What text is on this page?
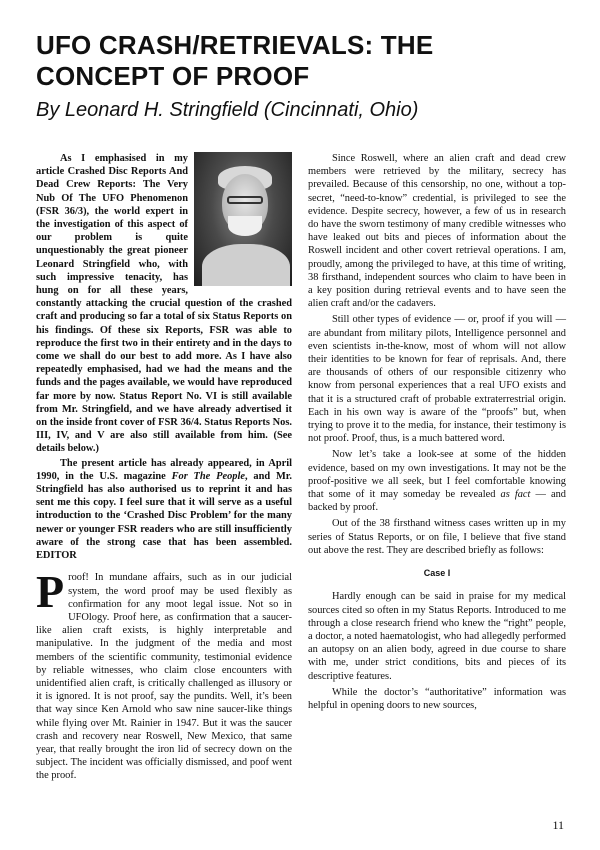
UFO CRASH/RETRIEVALS: THE
CONCEPT OF PROOF
By Leonard H. Stringfield (Cincinnati, Ohio)

As I emphasised in my article Crashed Disc Reports And Dead Crew Reports: The Very Nub Of The UFO Phenomenon (FSR 36/3), the world expert in the investigation of this aspect of our problem is quite unquestionably the great pioneer Leonard Stringfield who, with such impressive tenacity, has hung on for all these years, constantly attacking the crucial question of the crashed craft and producing so far a total of six Status Reports on his findings. Of these six Reports, FSR was able to reproduce the first two in their entirety and in the days to come we shall do our best to add more. As I have also repeatedly emphasised, had we had the means and the funds and the pages available, we would have reproduced far more by now. Status Report No. VI is still available from Mr. Stringfield, and we have already advertised it on the inside front cover of FSR 36/4. Status Reports Nos. III, IV, and V are also still available from him. (See details below.)

The present article has already appeared, in April 1990, in the U.S. magazine For The People, and Mr. Stringfield has also authorised us to reprint it and has sent me this copy. I feel sure that it will serve as a useful introduction to the ‘Crashed Disc Problem’ for the many newer or younger FSR readers who are still insufficiently aware of the strong case that has been assembled. EDITOR

Proof! In mundane affairs, such as in our judicial system, the word proof may be used flexibly as confirmation for any moot legal issue. Not so in UFOlogy. Proof here, as confirmation that a saucer-like alien craft exists, is highly interpretable and manipulative. In the judgment of the media and most members of the scientific community, testimonial evidence by reliable witnesses, who claim close encounters with unidentified alien craft, is critically challenged as illusory or it is ignored. It is not proof, say the pundits. Well, it’s been that way since Ken Arnold who saw nine saucer-like things while flying over Mt. Rainier in 1947. But it was the saucer crash and recovery near Roswell, New Mexico, that same year, that really brought the iron lid of secrecy down on the subject. The incident was officially dismissed, and poof went the proof.

Since Roswell, where an alien craft and dead crew members were retrieved by the military, secrecy has prevailed. Because of this censorship, no one, without a top-secret, “need-to-know” credential, is privileged to see the evidence. Despite secrecy, however, a few of us in research do have the sworn testimony of many credible witnesses who have leaked out bits and pieces of information about the Roswell incident and other covert retrieval operations. I am, proudly, among the privileged to have, at this time of writing, 38 firsthand, independent sources who claim to have been in a key position during retrieval events and to have seen the alien craft and/or the cadavers.

Still other types of evidence — or, proof if you will — are abundant from military pilots, Intelligence personnel and even scientists in-the-know, most of whom will not allow their identities to be known for fear of reprisals. And, there are thousands of others of our responsible citizenry who know from personal experiences that a real UFO exists and that it is a structured craft of probable extraterrestrial origin. Each in his own way is aware of the “proofs” but, when trying to prove it to the media, for instance, their testimony is not proof. Proof, thus, is a much battered word.

Now let’s take a look-see at some of the hidden evidence, based on my own investigations. It may not be the proof-positive we all seek, but I feel comfortable knowing that some of it may someday be revealed as fact — and backed by proof.

Out of the 38 firsthand witness cases written up in my series of Status Reports, or on file, I believe that five stand out above the rest. They are described briefly as follows:

Case I

Hardly enough can be said in praise for my medical sources cited so often in my Status Reports. Introduced to me through a close research friend who knew the “right” people, a doctor, a noted haematologist, who had allegedly performed an autopsy on an alien body, agreed in due course to share with me, under strict conditions, bits and pieces of its descriptive features.

While the doctor’s “authoritative” information was helpful in opening doors to new sources,

11
